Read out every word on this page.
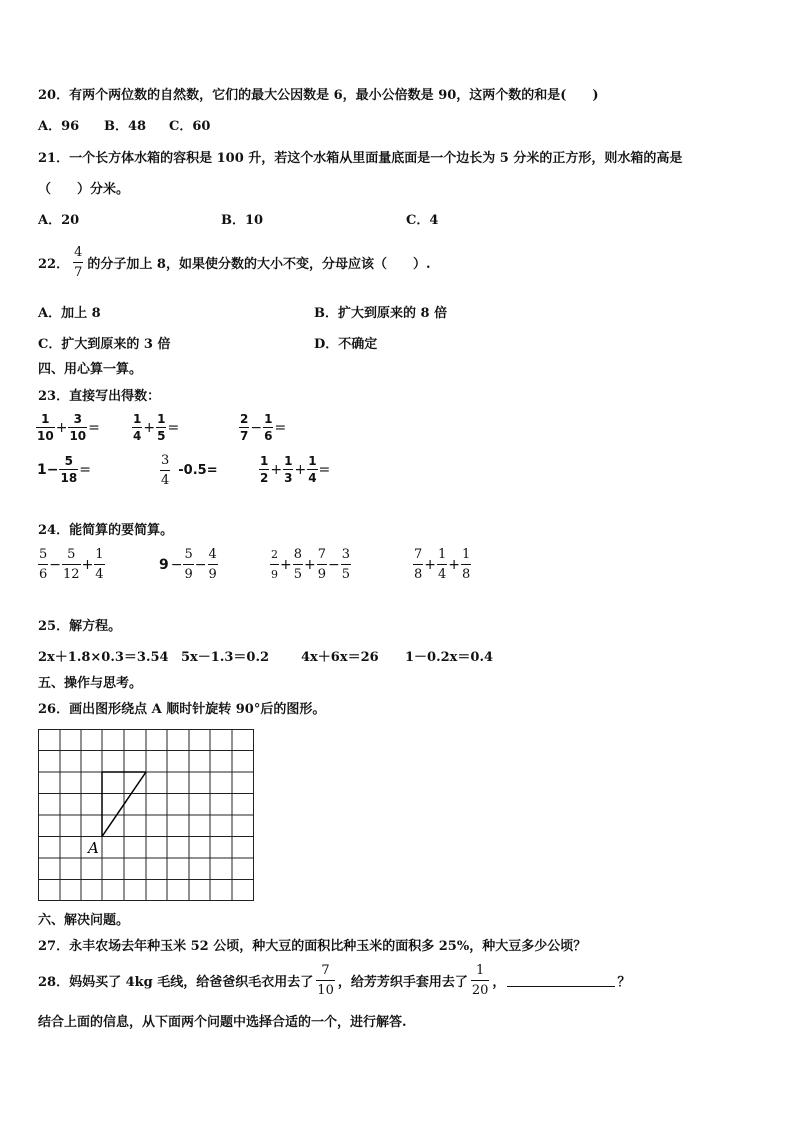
20．有两个两位数的自然数，它们的最大公因数是 6，最小公倍数是 90，这两个数的和是(　　)
A．96 B．48 C．60
21．一个长方体水箱的容积是 100 升，若这个水箱从里面量底面是一个边长为 5 分米的正方形，则水箱的高是
（　　）分米。
A．20	B．10	C．4
22． $\frac{4}{7}$ 的分子加上 8，如果使分数的大小不变，分母应该（　　）.
A．加上 8	B．扩大到原来的 8 倍
C．扩大到原来的 3 倍	D．不确定
四、用心算一算。
23．直接写出得数：
$\frac{1}{10} + \frac{3}{10}$ =	$\frac{1}{4} + \frac{1}{5}$ =	$\frac{2}{7} - \frac{1}{6}$ =
$1- \frac{5}{18}$ =	$\frac{3}{4} -0.5=$	$\frac{1}{2} + \frac{1}{3} + \frac{1}{4}$ =
24．能简算的要简算。
$\frac{5}{6} - \frac{5}{12} + \frac{1}{4}$	$9 - \frac{5}{9} - \frac{4}{9}$	$\frac{2}{9} + \frac{8}{5} + \frac{7}{9} - \frac{3}{5}$	$\frac{7}{8} + \frac{1}{4} + \frac{1}{8}$
25．解方程。
2x＋1.8×0.3＝3.54 5x－1.3＝0.2 4x＋6x＝26 1－0.2x＝0.4
五、操作与思考。
26．画出图形绕点 A 顺时针旋转 90°后的图形。
A
六、解决问题。
27．永丰农场去年种玉米 52 公顷，种大豆的面积比种玉米的面积多 25%，种大豆多少公顷？
28． 妈妈买了 4kg 毛线，给爸爸织毛衣用去了 $\frac{7}{10}$ ，给芳芳织手套用去了 $\frac{1}{20}$ ，	？
结合上面的信息，从下面两个问题中选择合适的一个，进行解答.
